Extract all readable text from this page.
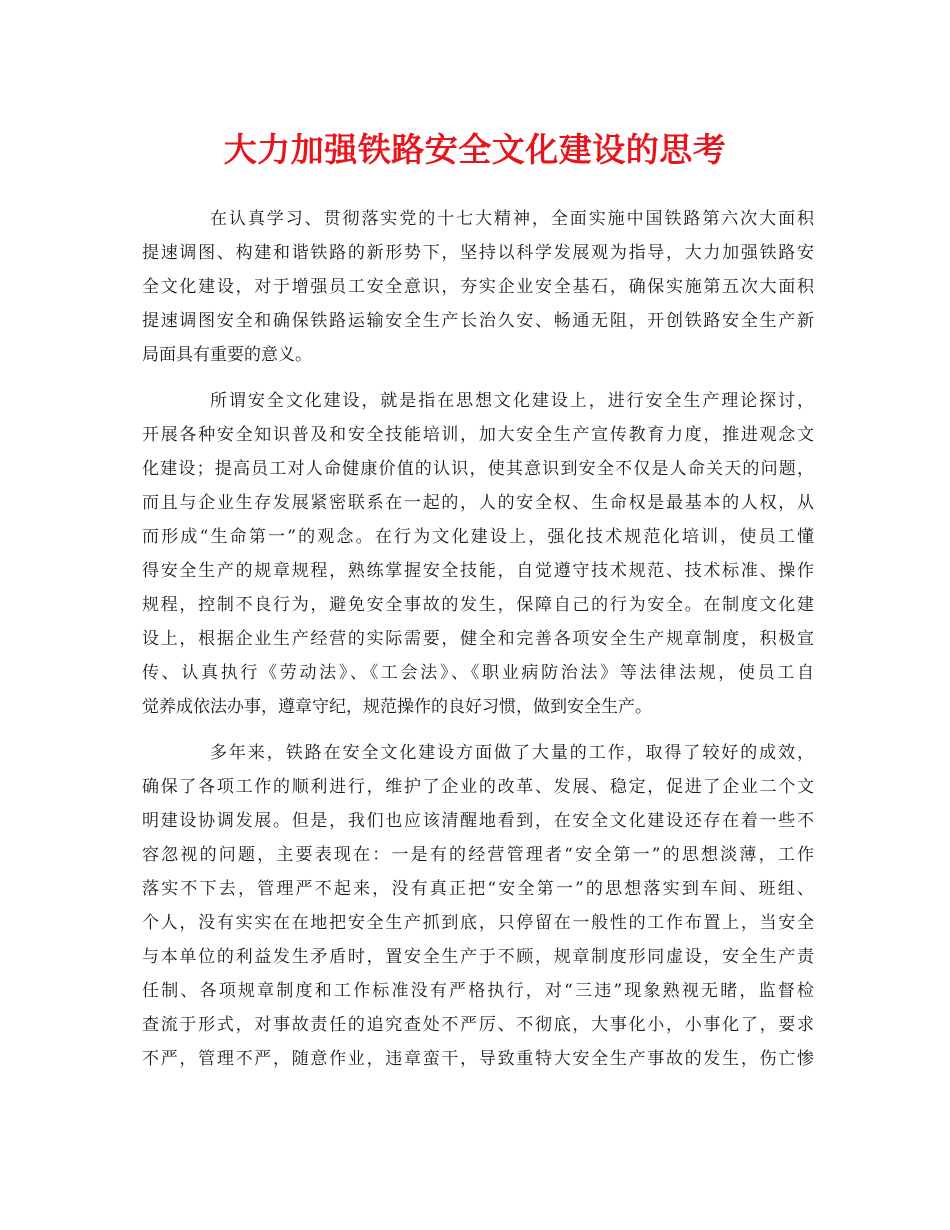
大力加强铁路安全文化建设的思考

在认真学习、贯彻落实党的十七大精神，全面实施中国铁路第六次大面积

提速调图、构建和谐铁路的新形势下，坚持以科学发展观为指导，大力加强铁路安

全文化建设，对于增强员工安全意识，夯实企业安全基石，确保实施第五次大面积

提速调图安全和确保铁路运输安全生产长治久安、畅通无阻，开创铁路安全生产新

局面具有重要的意义。

所谓安全文化建设，就是指在思想文化建设上，进行安全生产理论探讨，

开展各种安全知识普及和安全技能培训，加大安全生产宣传教育力度，推进观念文

化建设；提高员工对人命健康价值的认识，使其意识到安全不仅是人命关天的问题，

而且与企业生存发展紧密联系在一起的，人的安全权、生命权是最基本的人权，从

而形成“生命第一”的观念。在行为文化建设上，强化技术规范化培训，使员工懂

得安全生产的规章规程，熟练掌握安全技能，自觉遵守技术规范、技术标准、操作

规程，控制不良行为，避免安全事故的发生，保障自己的行为安全。在制度文化建

设上，根据企业生产经营的实际需要，健全和完善各项安全生产规章制度，积极宣

传、认真执行《劳动法》、《工会法》、《职业病防治法》等法律法规，使员工自

觉养成依法办事，遵章守纪，规范操作的良好习惯，做到安全生产。

多年来，铁路在安全文化建设方面做了大量的工作，取得了较好的成效，

确保了各项工作的顺利进行，维护了企业的改革、发展、稳定，促进了企业二个文

明建设协调发展。但是，我们也应该清醒地看到，在安全文化建设还存在着一些不

容忽视的问题，主要表现在：一是有的经营管理者“安全第一”的思想淡薄，工作

落实不下去，管理严不起来，没有真正把“安全第一”的思想落实到车间、班组、

个人，没有实实在在地把安全生产抓到底，只停留在一般性的工作布置上，当安全

与本单位的利益发生矛盾时，置安全生产于不顾，规章制度形同虚设，安全生产责

任制、各项规章制度和工作标准没有严格执行，对“三违”现象熟视无睹，监督检

查流于形式，对事故责任的追究查处不严厉、不彻底，大事化小，小事化了，要求

不严，管理不严，随意作业，违章蛮干，导致重特大安全生产事故的发生，伤亡惨
